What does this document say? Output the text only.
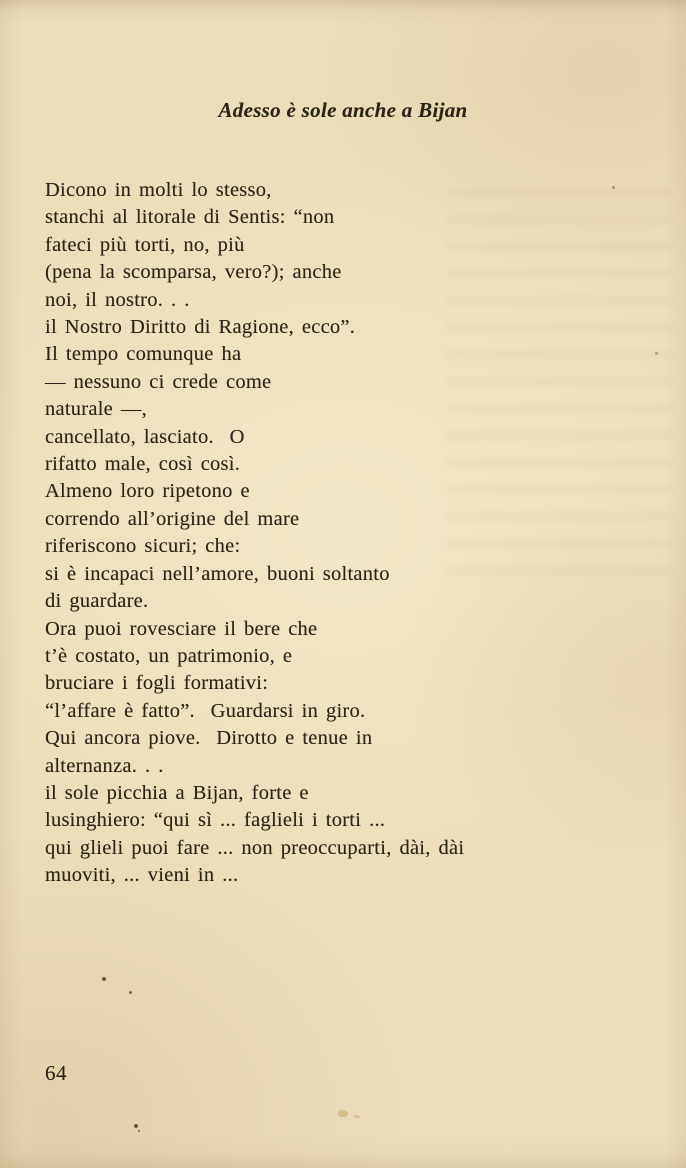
Adesso è sole anche a Bijan
Dicono in molti lo stesso,
stanchi al litorale di Sentis: “non
fateci più torti, no, più
(pena la scomparsa, vero?); anche
noi, il nostro. . .
il Nostro Diritto di Ragione, ecco”.
Il tempo comunque ha
— nessuno ci crede come
naturale —,
cancellato, lasciato.  O
rifatto male, così così.
Almeno loro ripetono e
correndo all’origine del mare
riferiscono sicuri; che:
si è incapaci nell’amore, buoni soltanto
di guardare.
Ora puoi rovesciare il bere che
t’è costato, un patrimonio, e
bruciare i fogli formativi:
“l’affare è fatto”.  Guardarsi in giro.
Qui ancora piove.  Dirotto e tenue in
alternanza. . .
il sole picchia a Bijan, forte e
lusinghiero: “qui sì ... faglieli i torti ...
qui glieli puoi fare ... non preoccuparti, dài, dài
muoviti, ... vieni in ...
64
